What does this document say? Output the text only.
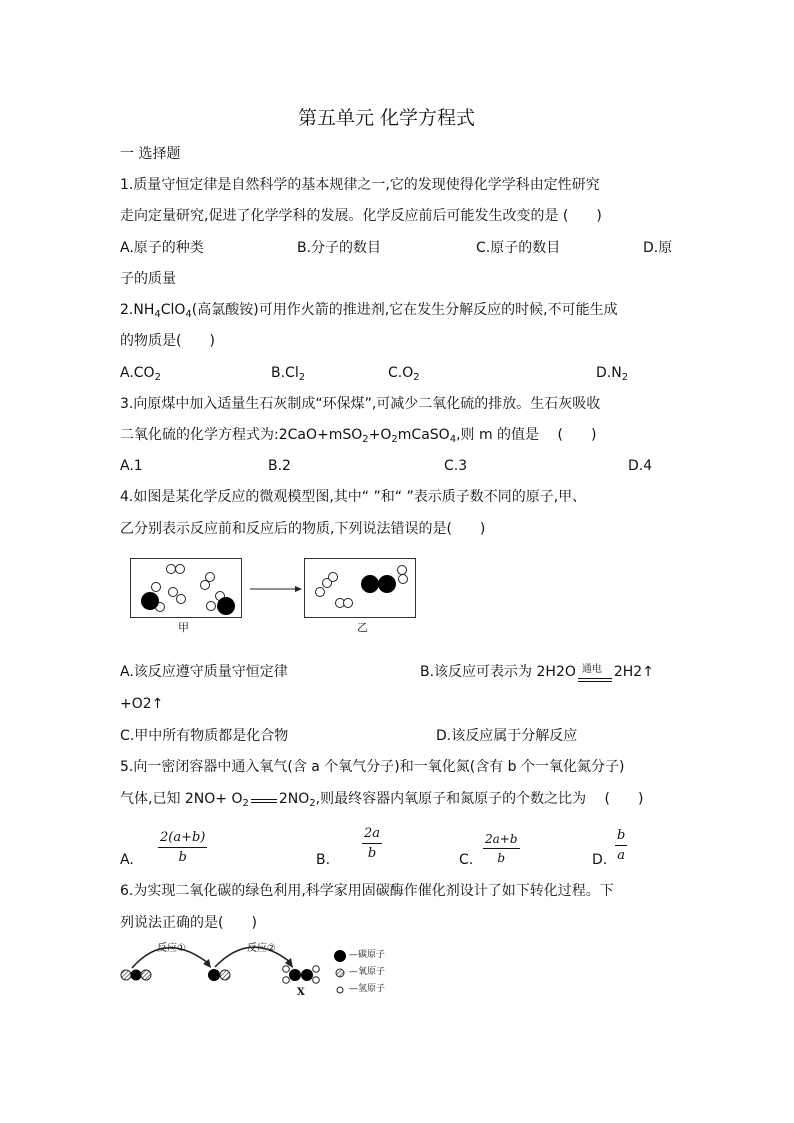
第五单元 化学方程式
一 选择题
1.质量守恒定律是自然科学的基本规律之一,它的发现使得化学学科由定性研究
走向定量研究,促进了化学学科的发展。化学反应前后可能发生改变的是 (　　)
A.原子的种类	B.分子的数目	C.原子的数目	D.原
子的质量
$2.NH_4ClO_4$(高氯酸铵)可用作火箭的推进剂,它在发生分解反应的时候,不可能生成
的物质是(　　)
$A.CO_2$	$B.Cl_2$	$C.O_2$	$D.N_2$
3.向原煤中加入适量生石灰制成“环保煤”,可减少二氧化硫的排放。生石灰吸收
二氧化硫的化学方程式为$:2CaO+mSO_2+O_2mCaSO_4$,则 m 的值是 　(　　)
A.1	B.2	C.3	D.4
4.如图是某化学反应的微观模型图,其中“ ”和“ ”表示质子数不同的原子,甲、
乙分别表示反应前和反应后的物质,下列说法错误的是(　　)
甲	乙
A.该反应遵守质量守恒定律	B.该反应可表示为 2H2O 通电 2H2↑
+O2↑
C.甲中所有物质都是化合物	D.该反应属于分解反应
5.向一密闭容器中通入氧气(含 a 个氧气分子)和一氧化氮(含有 b 个一氧化氮分子)
气体,已知 $2NO+ O_2$ $2NO_2$,则最终容器内氧原子和氮原子的个数之比为 　(　　)
A. $\frac{2(a+b)}{b}$	B. $\frac{2a}{b}$	C. $\frac{2a+b}{b}$	D. $\frac{b}{a}$
6.为实现二氧化碳的绿色利用,科学家用固碳酶作催化剂设计了如下转化过程。下
列说法正确的是(　　)
反应①	反应②
X
—碳原子
—氧原子
—氢原子
